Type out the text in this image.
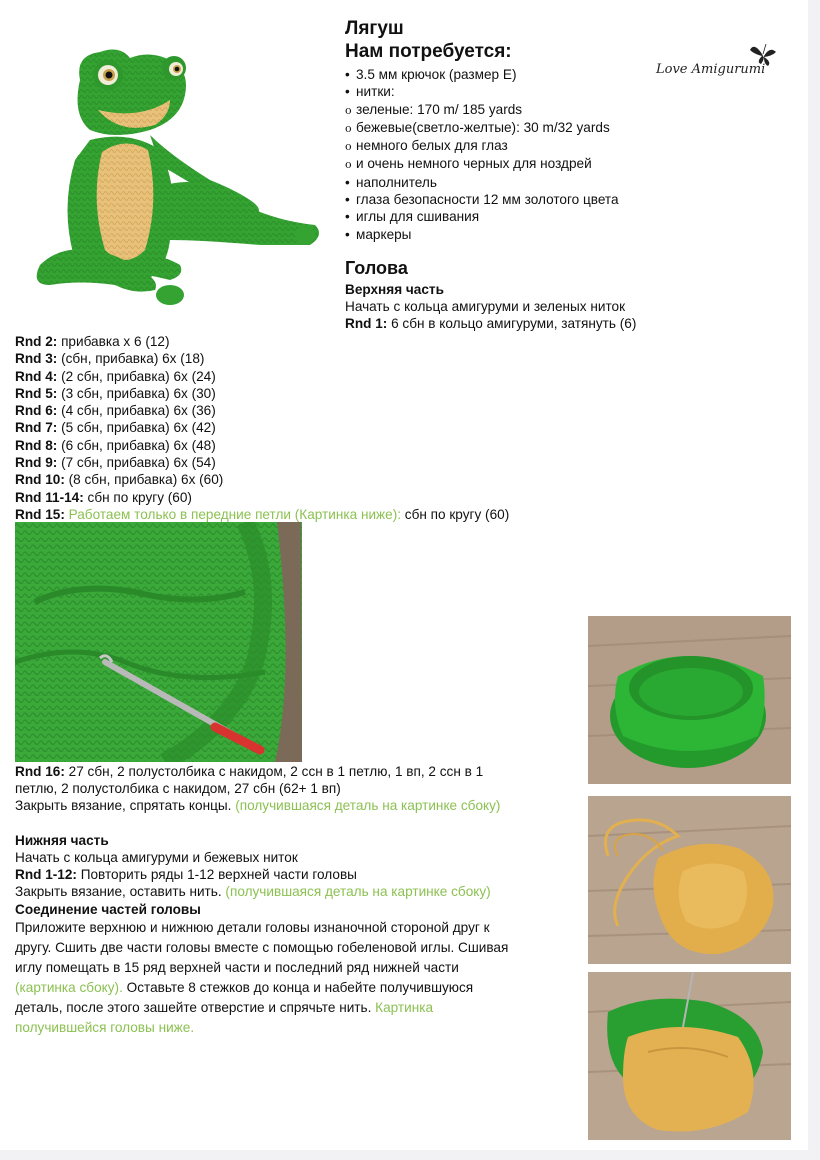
Лягуш
Нам потребуется:
Love Amigurumi
• 3.5 мм крючок (размер E)
• нитки:
o зеленые: 170 m/ 185 yards
o бежевые(светло-желтые): 30 m/32 yards
o немного белых для глаз
o и очень немного черных для ноздрей
• наполнитель
• глаза безопасности 12 мм золотого цвета
• иглы для сшивания
• маркеры
Голова
Верхняя часть
Начать с кольца амигуруми и зеленых ниток
Rnd 1: 6 сбн в кольцо амигуруми, затянуть (6)
Rnd 2: прибавка х 6 (12)
Rnd 3: (сбн, прибавка) 6х (18)
Rnd 4: (2 сбн, прибавка) 6х (24)
Rnd 5: (3 сбн, прибавка) 6х (30)
Rnd 6: (4 сбн, прибавка) 6х (36)
Rnd 7: (5 сбн, прибавка) 6х (42)
Rnd 8: (6 сбн, прибавка) 6х (48)
Rnd 9: (7 сбн, прибавка) 6х (54)
Rnd 10: (8 сбн, прибавка) 6х (60)
Rnd 11-14: сбн по кругу (60)
Rnd 15: Работаем только в передние петли (Картинка ниже): сбн по кругу (60)
Rnd 16: 27 сбн, 2 полустолбика с накидом, 2 ссн в 1 петлю, 1 вп, 2 ссн в 1
петлю, 2 полустолбика с накидом, 27 сбн (62+ 1 вп)
Закрыть вязание, спрятать концы. (получившаяся деталь на картинке сбоку)
Нижняя часть
Начать с кольца амигуруми и бежевых ниток
Rnd 1-12: Повторить ряды 1-12 верхней части головы
Закрыть вязание, оставить нить. (получившаяся деталь на картинке сбоку)
Соединение частей головы
Приложите верхнюю и нижнюю детали головы изнаночной стороной друг к
другу. Сшить две части головы вместе с помощью гобеленовой иглы. Сшивая
иглу помещать в 15 ряд верхней части и последний ряд нижней части
(картинка сбоку). Оставьте 8 стежков до конца и набейте получившуюся
деталь, после этого зашейте отверстие и спрячьте нить. Картинка
получившейся головы ниже.
